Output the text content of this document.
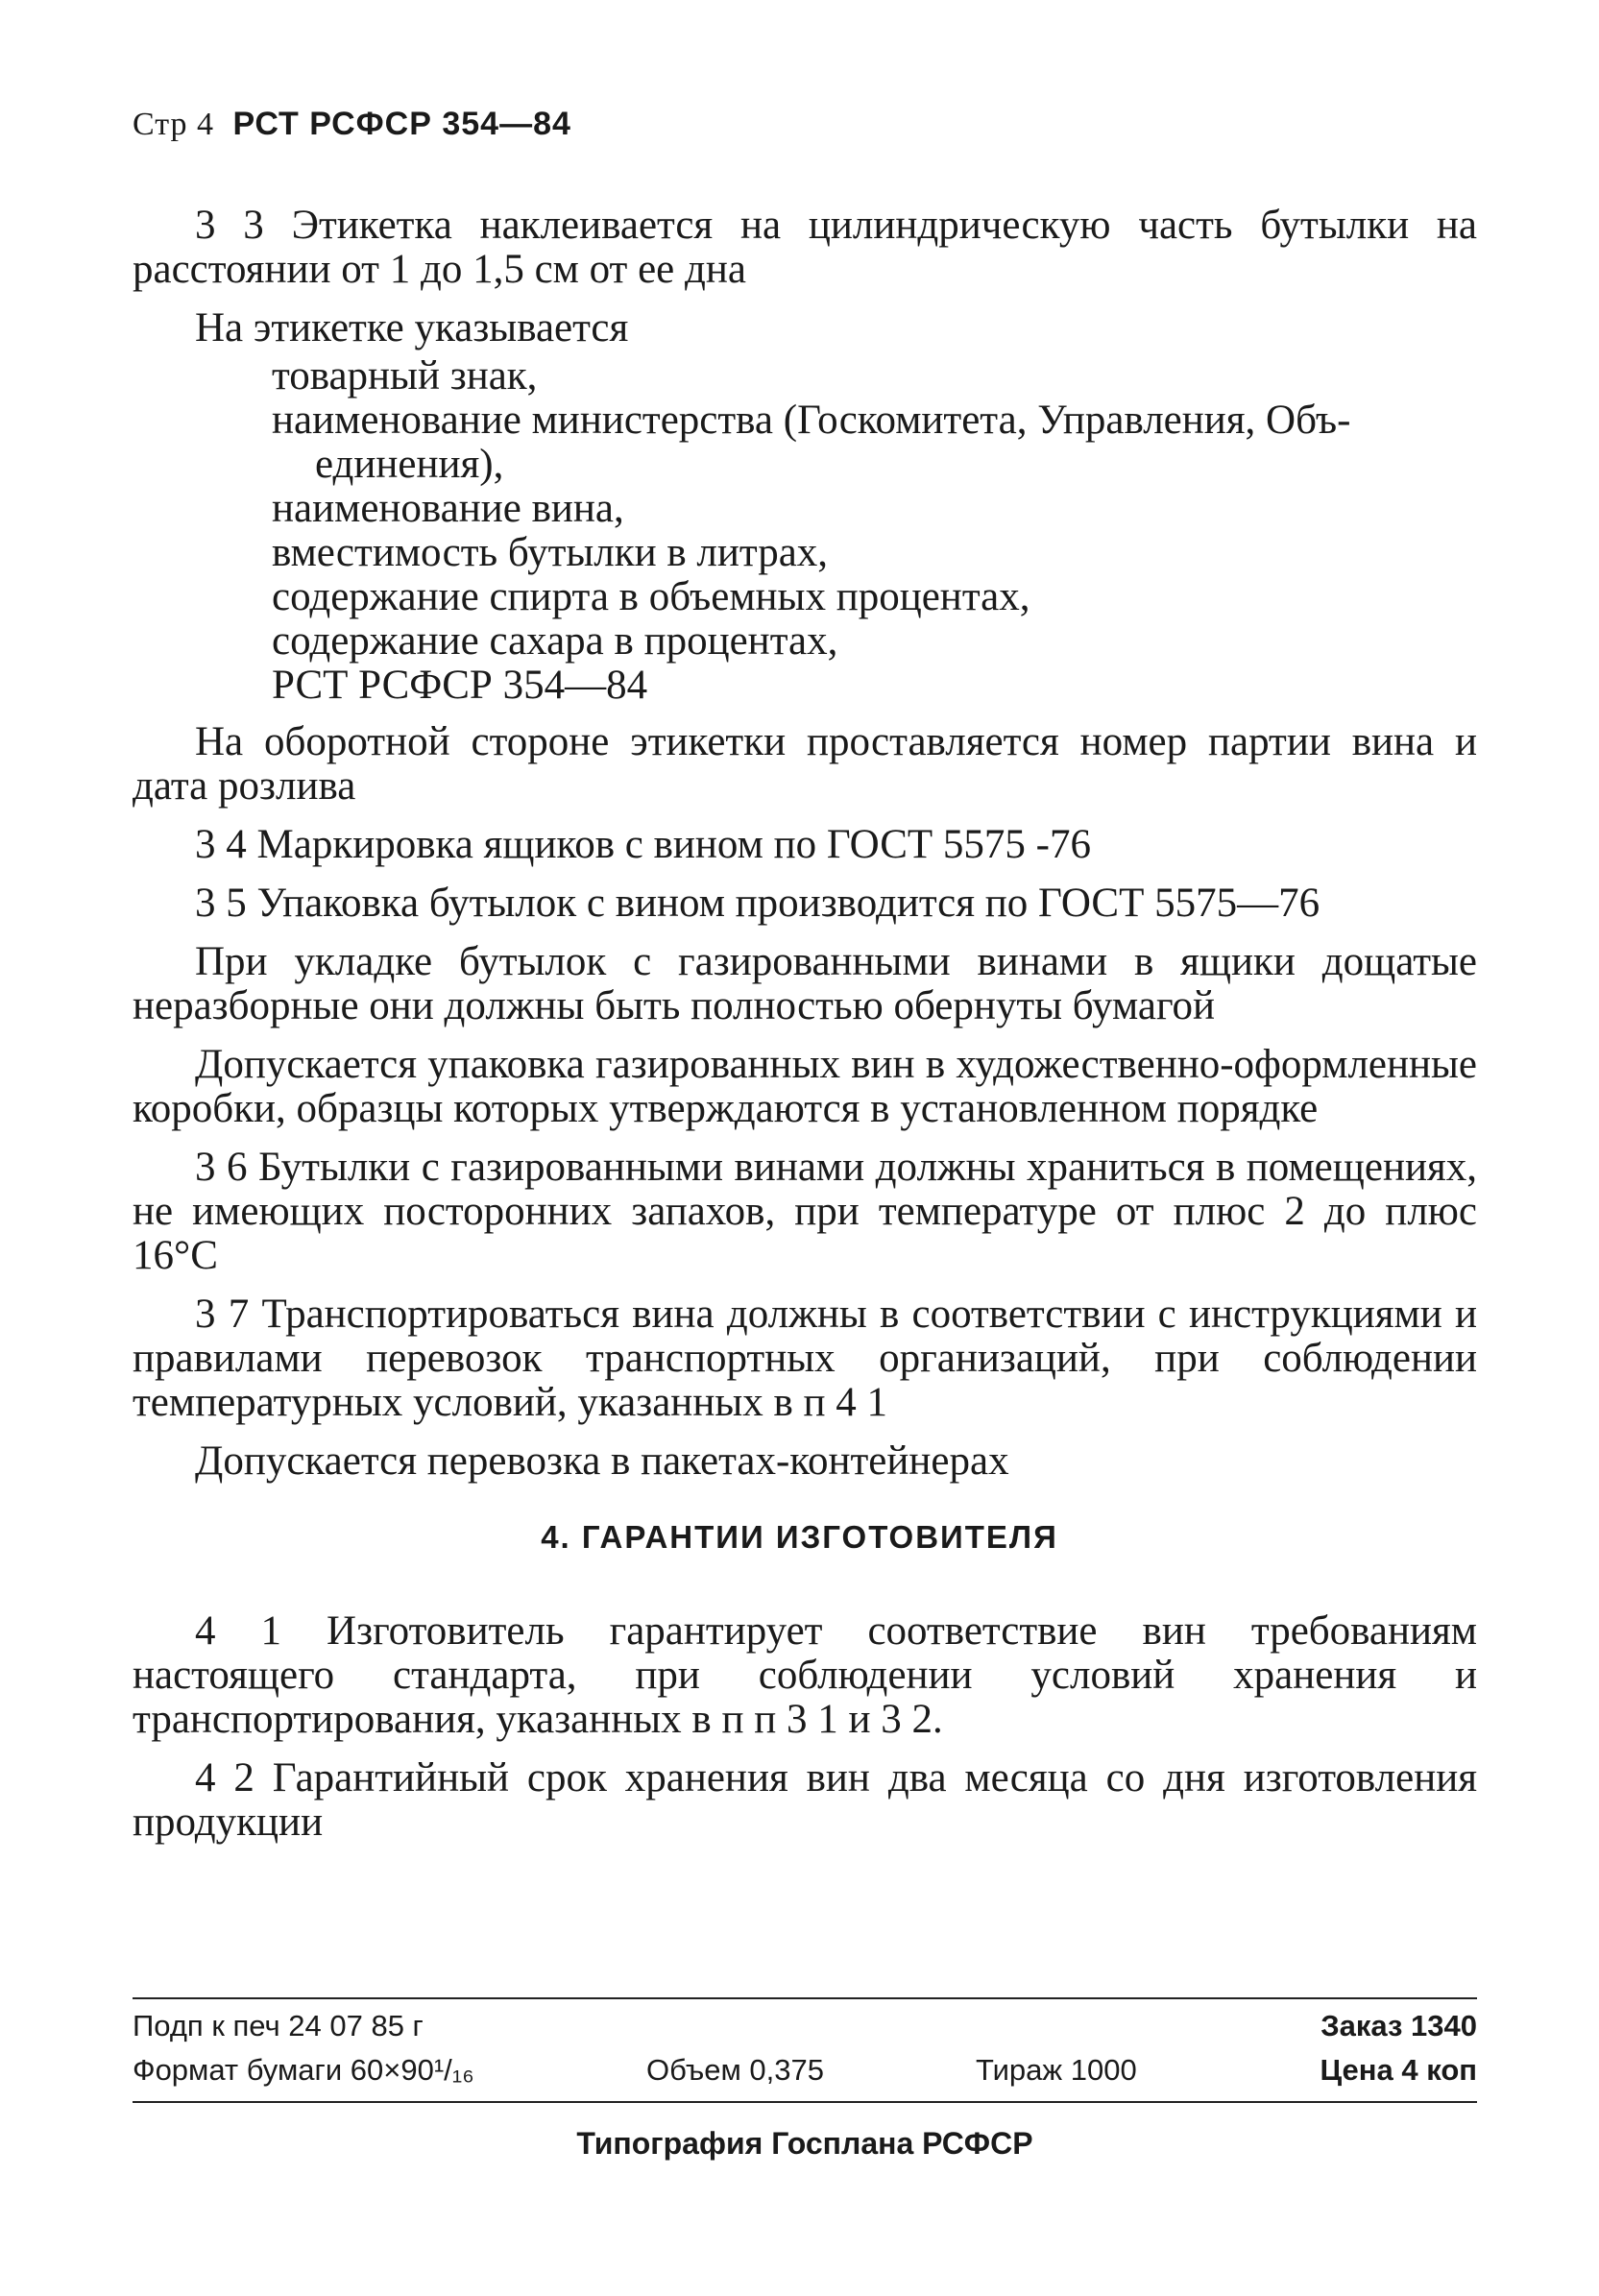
Стр 4 РСТ РСФСР 354—84

3 3 Этикетка наклеивается на цилиндрическую часть бутылки на расстоянии от 1 до 1,5 см от ее дна

На этикетке указывается

товарный знак,
наименование министерства (Госкомитета, Управления, Объ-
единения),
наименование вина,
вместимость бутылки в литрах,
содержание спирта в объемных процентах,
содержание сахара в процентах,
РСТ РСФСР 354—84

На оборотной стороне этикетки проставляется номер партии вина и дата розлива

3 4 Маркировка ящиков с вином по ГОСТ 5575 -76

3 5 Упаковка бутылок с вином производится по ГОСТ 5575—76

При укладке бутылок с газированными винами в ящики дощатые неразборные они должны быть полностью обернуты бумагой

Допускается упаковка газированных вин в художественно-оформленные коробки, образцы которых утверждаются в установленном порядке

3 6 Бутылки с газированными винами должны храниться в помещениях, не имеющих посторонних запахов, при температуре от плюс 2 до плюс 16°С

3 7 Транспортироваться вина должны в соответствии с инструкциями и правилами перевозок транспортных организаций, при соблюдении температурных условий, указанных в п 4 1

Допускается перевозка в пакетах-контейнерах

4. ГАРАНТИИ ИЗГОТОВИТЕЛЯ

4 1 Изготовитель гарантирует соответствие вин требованиям настоящего стандарта, при соблюдении условий хранения и транспортирования, указанных в п п 3 1 и 3 2.

4 2 Гарантийный срок хранения вин два месяца со дня изготовления продукции

Подп к печ 24 07 85 г	Заказ 1340
Формат бумаги 60×90¹/₁₆	Объем 0,375	Тираж 1000	Цена 4 коп
Типография Госплана РСФСР
